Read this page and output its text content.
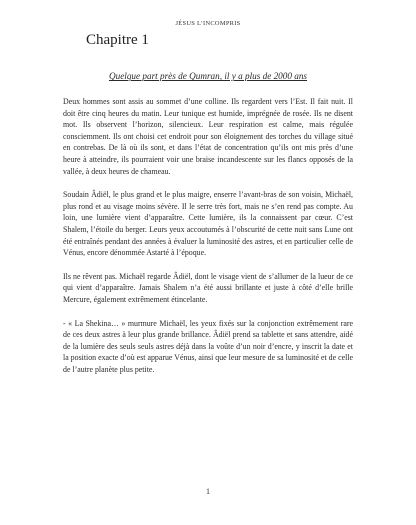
JÉSUS L’INCOMPRIS
Chapitre 1
Quelque part près de Qumran, il y a plus de 2000 ans

Deux hommes sont assis au sommet d’une colline. Ils regardent vers l’Est. Il fait nuit. Il doit être cinq heures du matin. Leur tunique est humide, imprégnée de rosée. Ils ne disent mot. Ils observent l’horizon, silencieux. Leur respiration est calme, mais régulée consciemment. Ils ont choisi cet endroit pour son éloignement des torches du village situé en contrebas. De là où ils sont, et dans l’état de concentration qu’ils ont mis près d’une heure à atteindre, ils pourraient voir une braise incandescente sur les flancs opposés de la vallée, à deux heures de chameau.

Soudain Âdiël, le plus grand et le plus maigre, enserre l’avant-bras de son voisin, Michaël, plus rond et au visage moins sévère. Il le serre très fort, mais ne s’en rend pas compte. Au loin, une lumière vient d’apparaître. Cette lumière, ils la connaissent par cœur. C’est Shalem, l’étoile du berger. Leurs yeux accoutumés à l’obscurité de cette nuit sans Lune ont été entraînés pendant des années à évaluer la luminosité des astres, et en particulier celle de Vénus, encore dénommée Astarté à l’époque.

Ils ne rêvent pas. Michaël regarde Âdiël, dont le visage vient de s’allumer de la lueur de ce qui vient d’apparaître. Jamais Shalem n’a été aussi brillante et juste à côté d’elle brille Mercure, également extrêmement étincelante.

- « La Shekina… » murmure Michaël, les yeux fixés sur la conjonction extrêmement rare de ces deux astres à leur plus grande brillance. Âdiël prend sa tablette et sans attendre, aidé de la lumière des seuls seuls astres déjà dans la voûte d’un noir d’encre, y inscrit la date et la position exacte d’où est apparue Vénus, ainsi que leur mesure de sa luminosité et de celle de l’autre planète plus petite.

1
